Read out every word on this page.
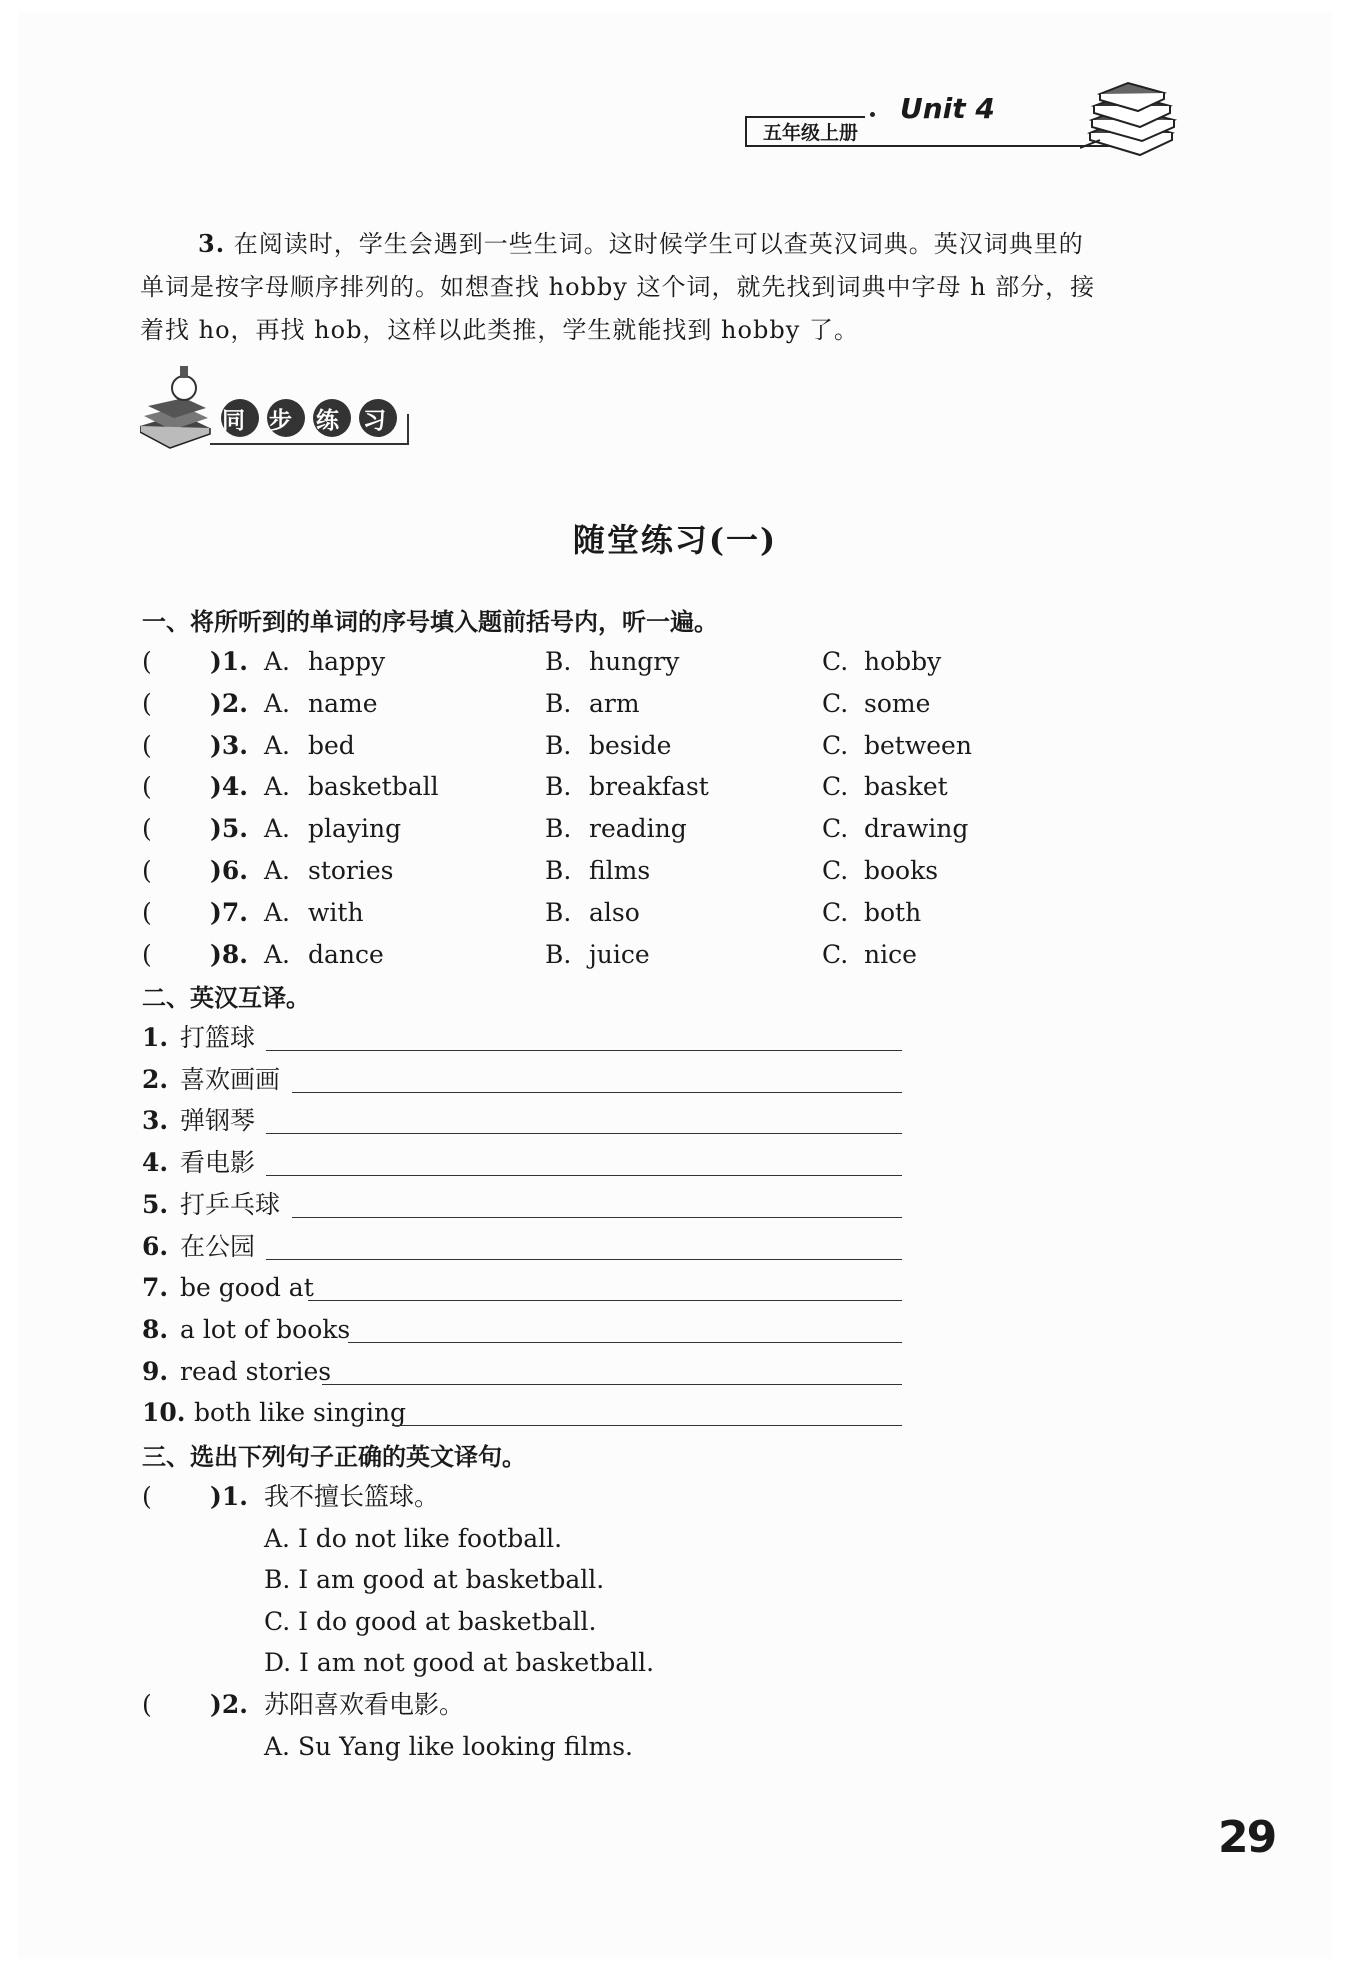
五年级上册
Unit 4
3. 在阅读时，学生会遇到一些生词。这时候学生可以查英汉词典。英汉词典里的
单词是按字母顺序排列的。如想查找 hobby 这个词，就先找到词典中字母 h 部分，接
着找 ho，再找 hob，这样以此类推，学生就能找到 hobby 了。
同步练习
随堂练习(一)
一、将所听到的单词的序号填入题前括号内，听一遍。
( )1. A. happy	B. hungry	C. hobby
( )2. A. name	B. arm	C. some
( )3. A. bed	B. beside	C. between
( )4. A. basketball	B. breakfast	C. basket
( )5. A. playing	B. reading	C. drawing
( )6. A. stories	B. films	C. books
( )7. A. with	B. also	C. both
( )8. A. dance	B. juice	C. nice
二、英汉互译。
1. 打篮球
2. 喜欢画画
3. 弹钢琴
4. 看电影
5. 打乒乓球
6. 在公园
7. be good at
8. a lot of books
9. read stories
10. both like singing
三、选出下列句子正确的英文译句。
( )1. 我不擅长篮球。
A. I do not like football.
B. I am good at basketball.
C. I do good at basketball.
D. I am not good at basketball.
( )2. 苏阳喜欢看电影。
A. Su Yang like looking films.
29
